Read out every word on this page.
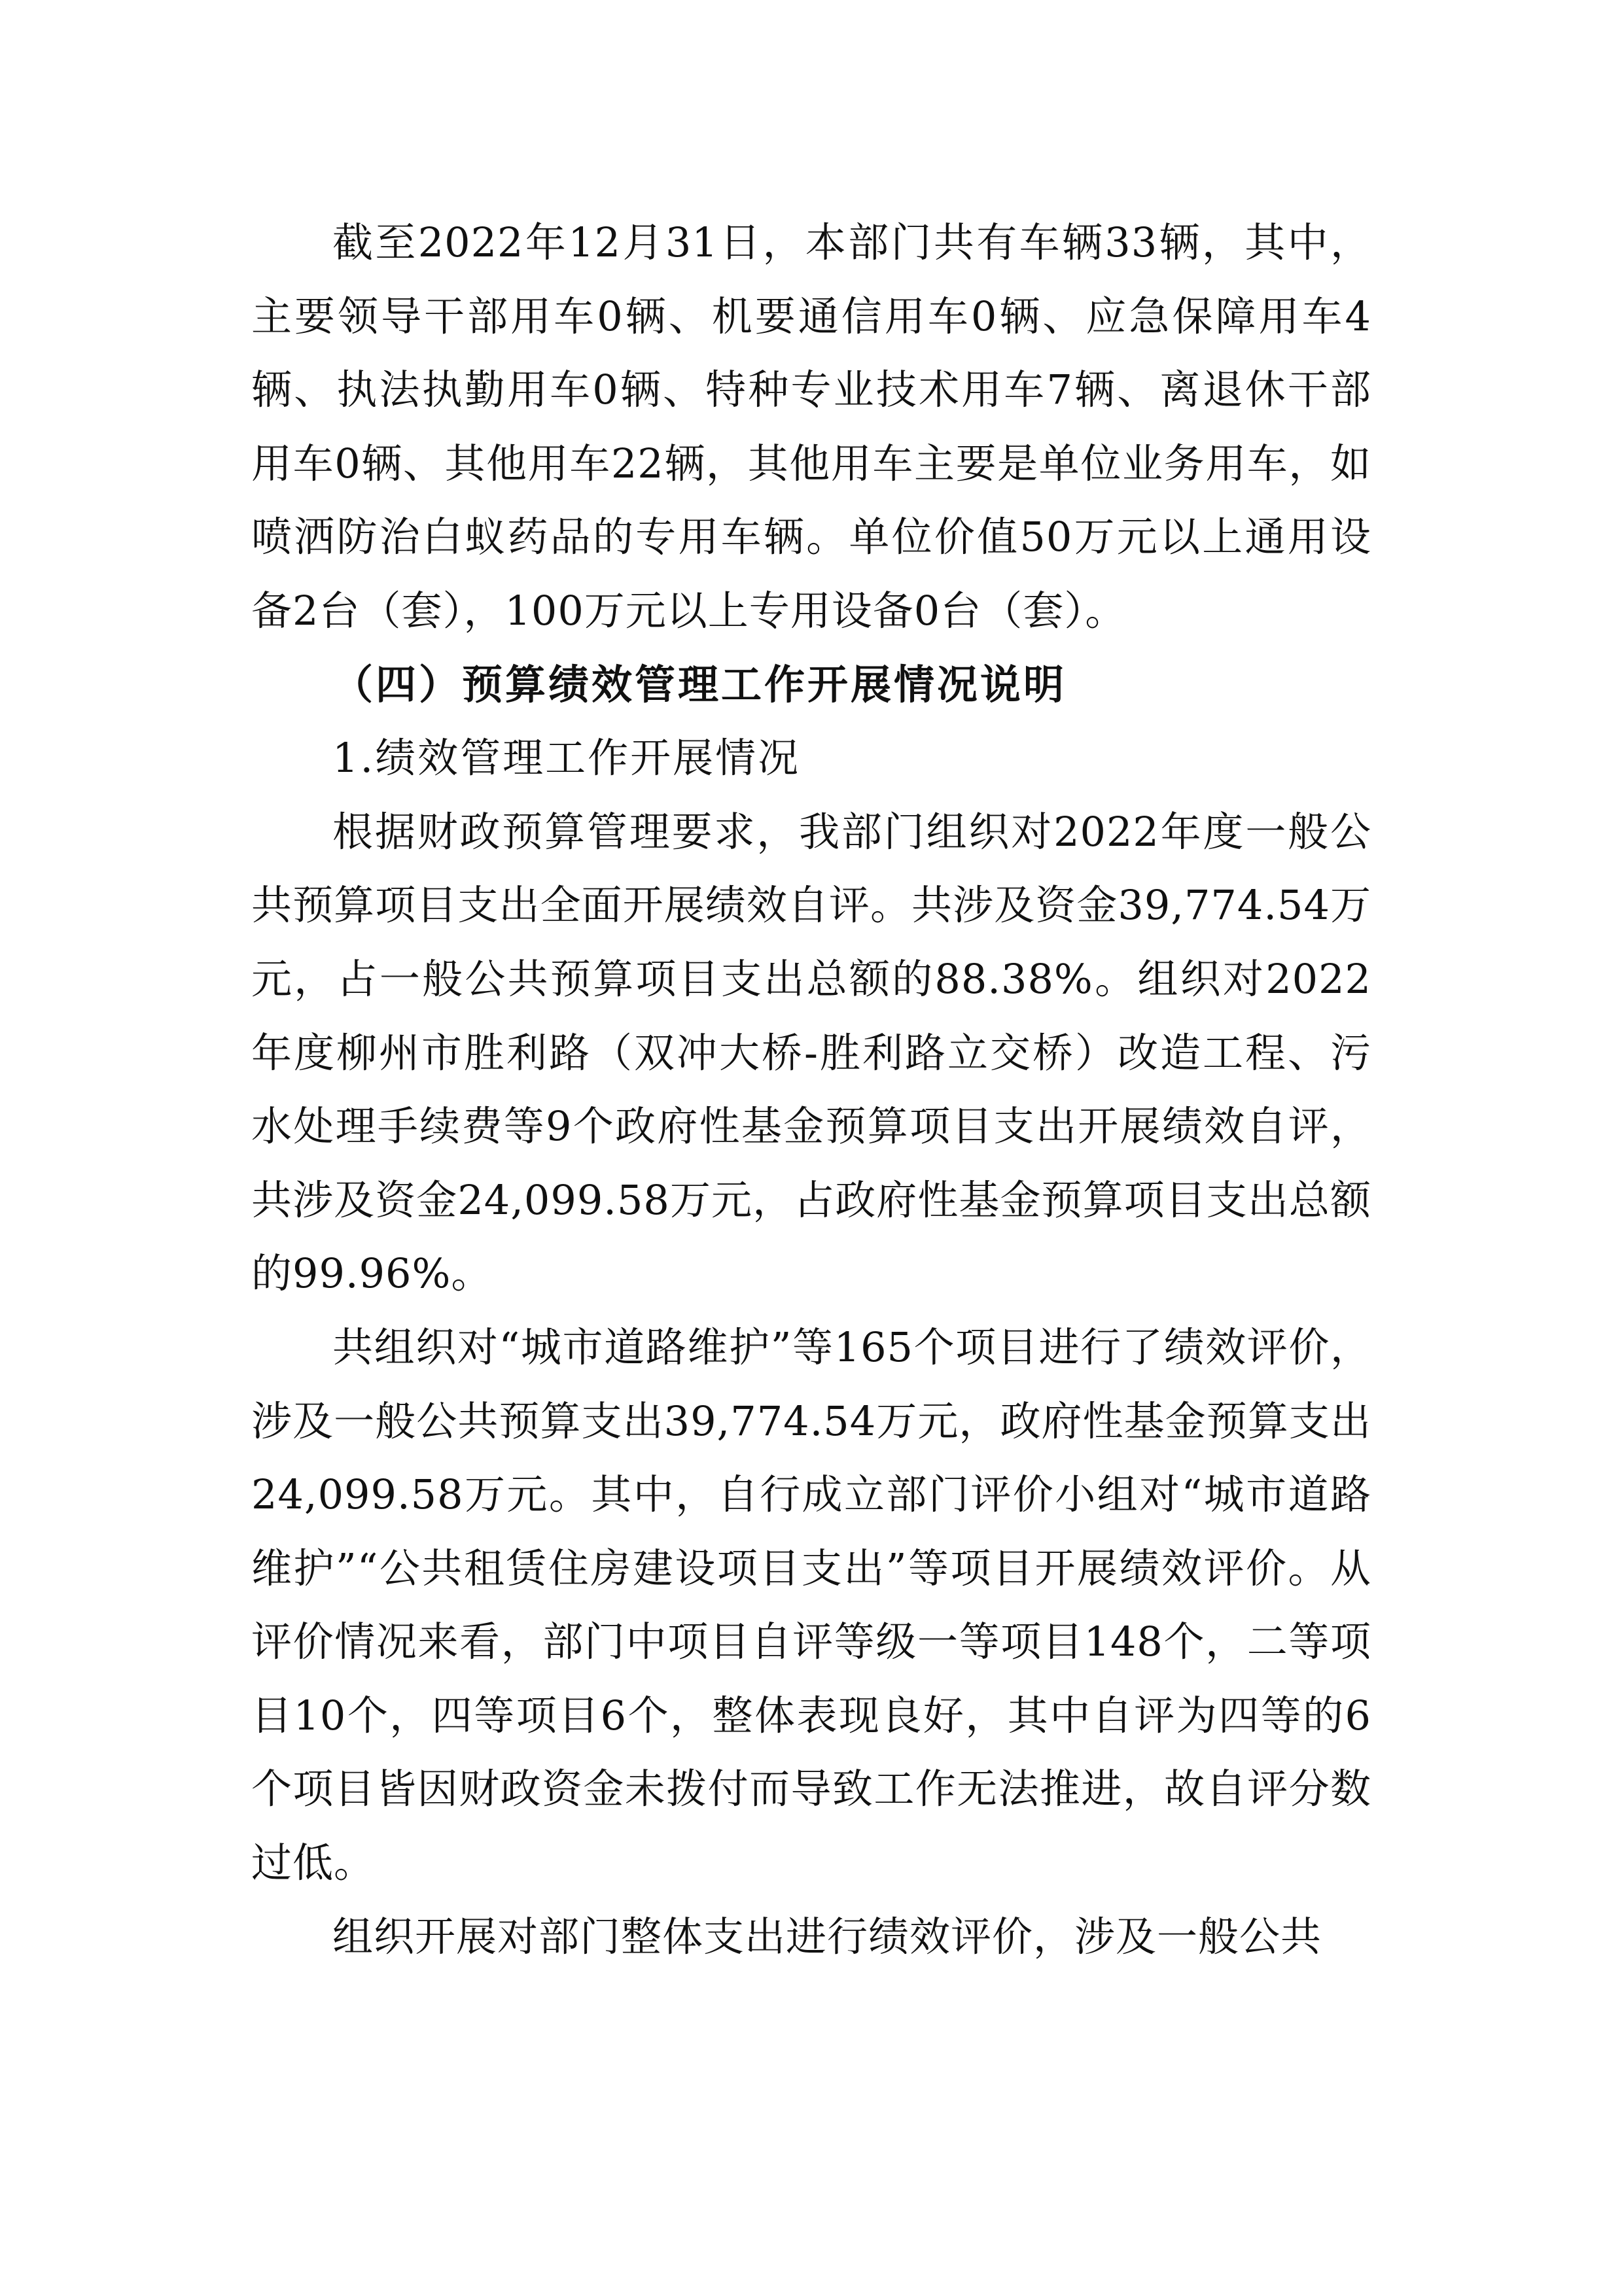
截至2022年12月31日，本部门共有车辆33辆，其中，主要领导干部用车0辆、机要通信用车0辆、应急保障用车4辆、执法执勤用车0辆、特种专业技术用车7辆、离退休干部用车0辆、其他用车22辆，其他用车主要是单位业务用车，如喷洒防治白蚁药品的专用车辆。单位价值50万元以上通用设备2台（套），100万元以上专用设备0台（套）。

（四）预算绩效管理工作开展情况说明

1.绩效管理工作开展情况

根据财政预算管理要求，我部门组织对2022年度一般公共预算项目支出全面开展绩效自评。共涉及资金39,774.54万元，占一般公共预算项目支出总额的88.38%。组织对2022年度柳州市胜利路（双冲大桥-胜利路立交桥）改造工程、污水处理手续费等9个政府性基金预算项目支出开展绩效自评，共涉及资金24,099.58万元，占政府性基金预算项目支出总额的99.96%。

共组织对“城市道路维护”等165个项目进行了绩效评价，涉及一般公共预算支出39,774.54万元，政府性基金预算支出24,099.58万元。其中，自行成立部门评价小组对“城市道路维护”“公共租赁住房建设项目支出”等项目开展绩效评价。从评价情况来看，部门中项目自评等级一等项目148个，二等项目10个，四等项目6个，整体表现良好，其中自评为四等的6个项目皆因财政资金未拨付而导致工作无法推进，故自评分数过低。

组织开展对部门整体支出进行绩效评价，涉及一般公共
